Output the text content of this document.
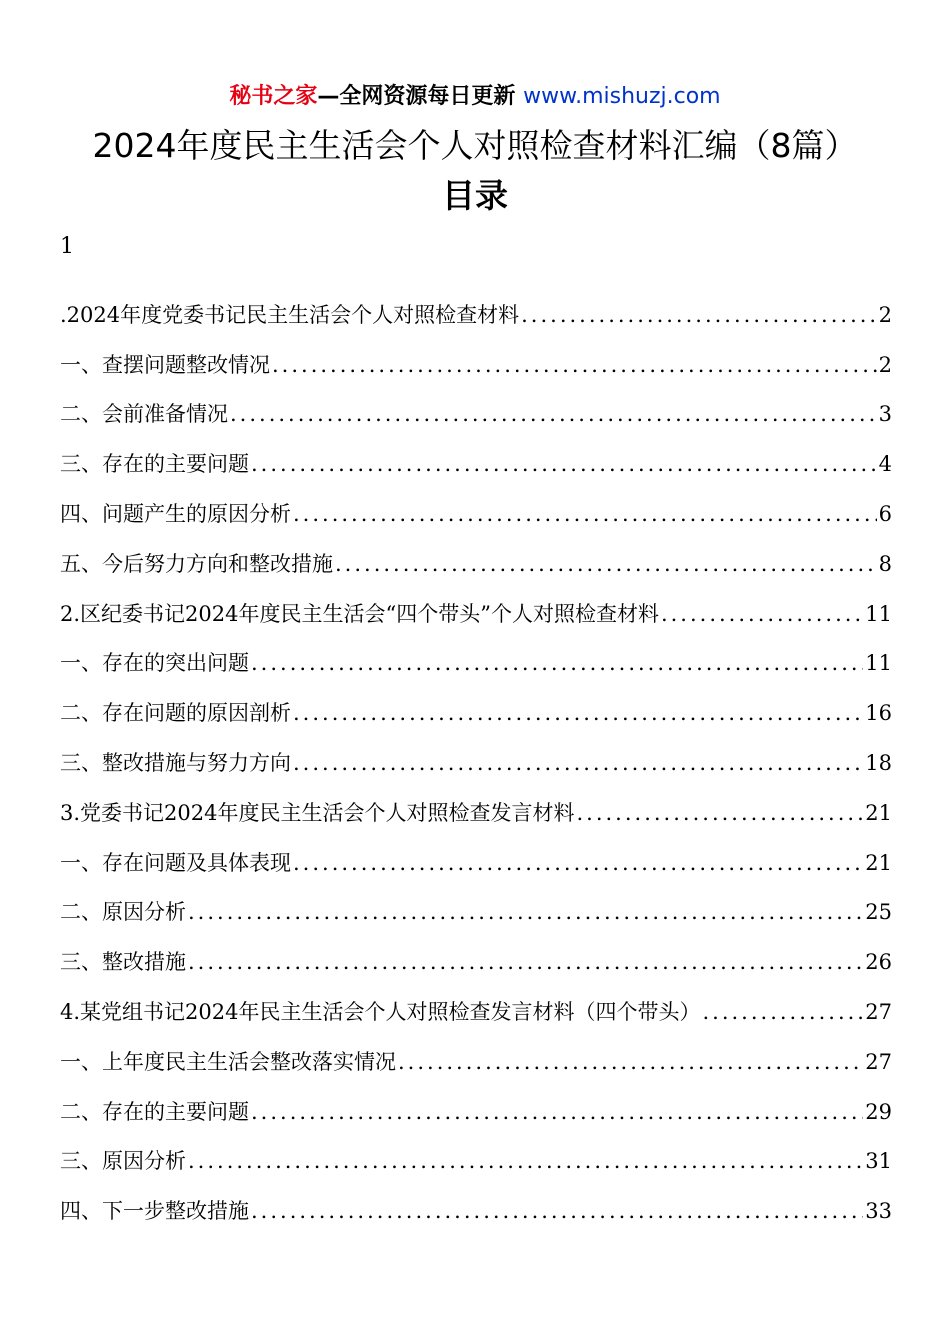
秘书之家—全网资源每日更新 www.mishuzj.com
2024年度民主生活会个人对照检查材料汇编（8篇）
目录
1
.2024年度党委书记民主生活会个人对照检查材料 .....	2
一、查摆问题整改情况 .....	2
二、会前准备情况 .....	3
三、存在的主要问题 .....	4
四、问题产生的原因分析 .....	6
五、今后努力方向和整改措施 .....	8
2.区纪委书记2024年度民主生活会“四个带头”个人对照检查材料 .....	11
一、存在的突出问题 .....	11
二、存在问题的原因剖析 .....	16
三、整改措施与努力方向 .....	18
3.党委书记2024年度民主生活会个人对照检查发言材料 .....	21
一、存在问题及具体表现 .....	21
二、原因分析 .....	25
三、整改措施 .....	26
4.某党组书记2024年民主生活会个人对照检查发言材料（四个带头） .....	27
一、上年度民主生活会整改落实情况 .....	27
二、存在的主要问题 .....	29
三、原因分析 .....	31
四、下一步整改措施 .....	33
